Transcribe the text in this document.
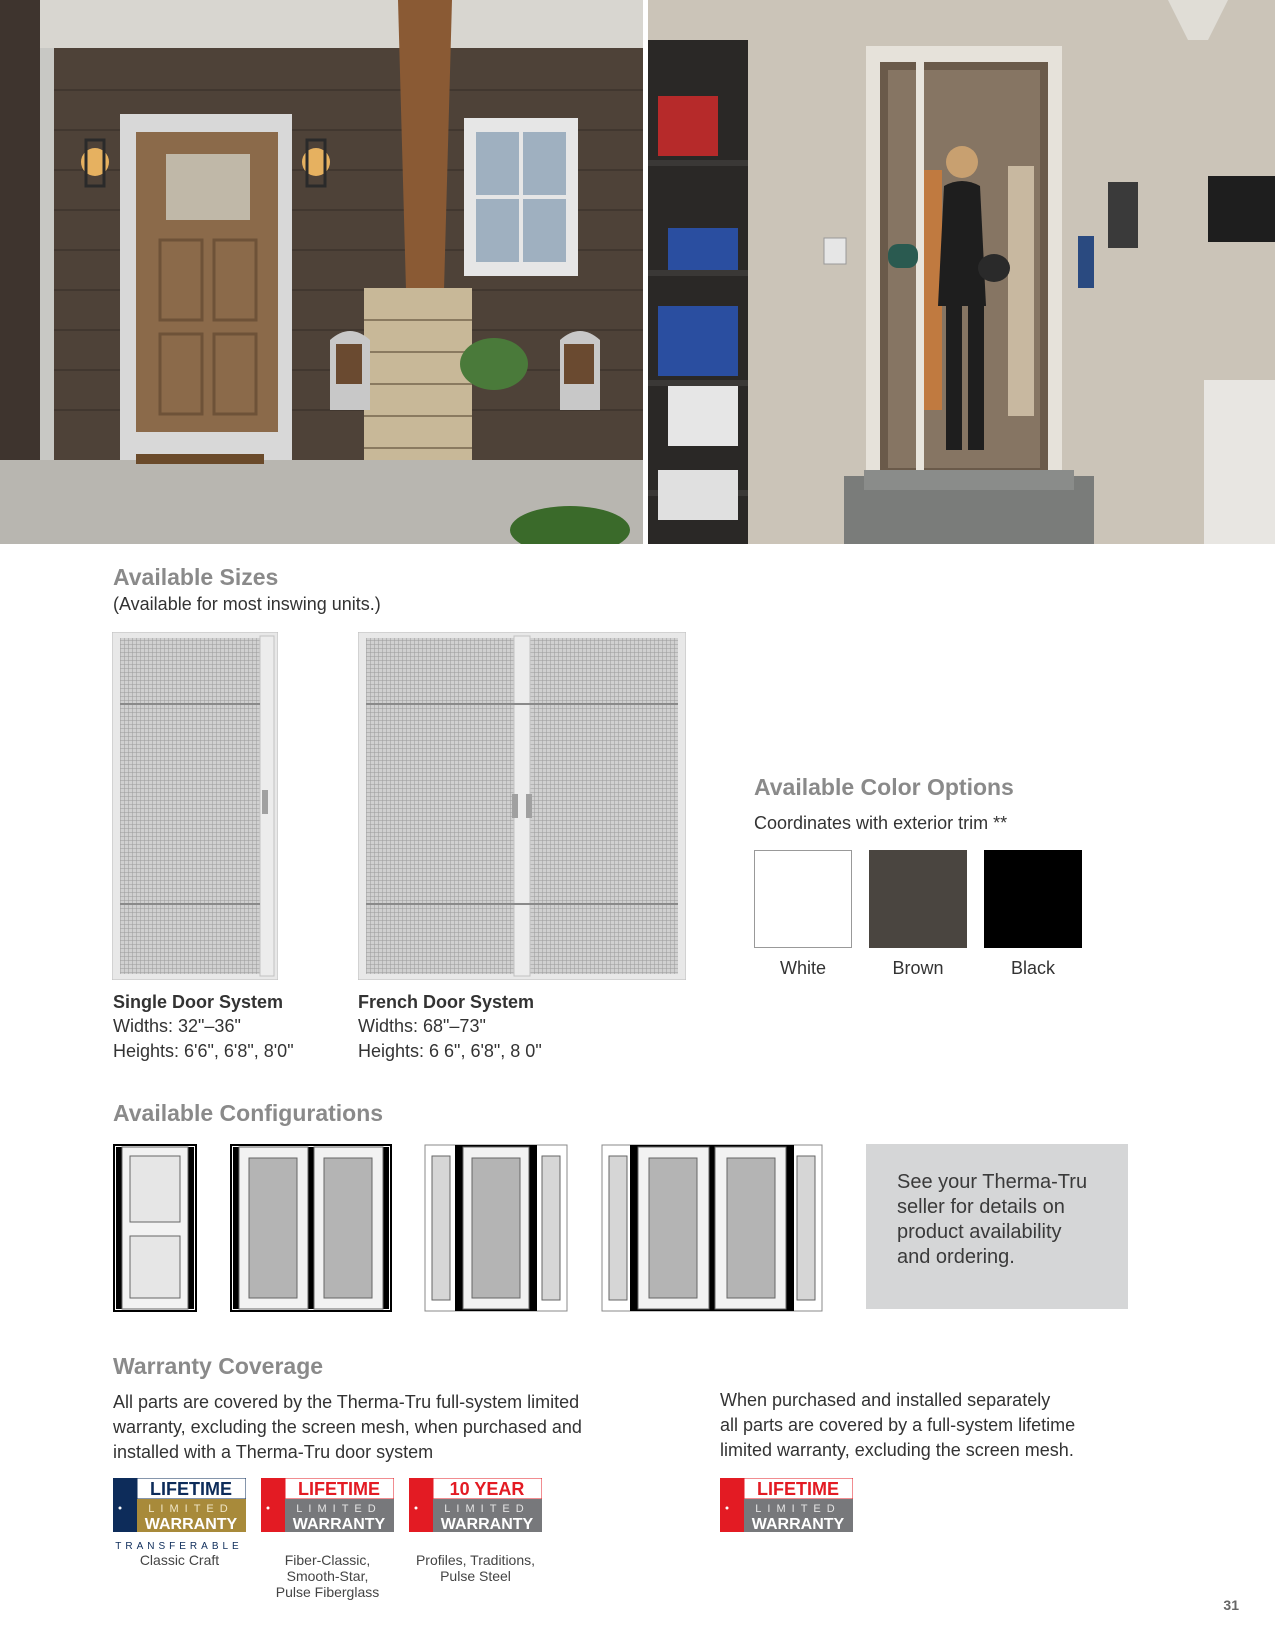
Available Sizes
(Available for most inswing units.)
Single Door System
Widths: 32"–36"
Heights: 6'6", 6'8", 8'0"
French Door System
Widths: 68"–73"
Heights: 6 6", 6'8", 8 0"
Available Color Options
Coordinates with exterior trim **
White	Brown	Black
Available Configurations
See your Therma-Tru
seller for details on
product availability
and ordering.
Warranty Coverage
All parts are covered by the Therma-Tru full-system limited
warranty, excluding the screen mesh, when purchased and
installed with a Therma-Tru door system
When purchased and installed separately
all parts are covered by a full-system lifetime
limited warranty, excluding the screen mesh.
LIFETIME
LIMITED
WARRANTY
TRANSFERABLE
LIFETIME
LIMITED
WARRANTY
10 YEAR
LIMITED
WARRANTY
LIFETIME
LIMITED
WARRANTY
Classic Craft	Fiber-Classic,
Smooth-Star,
Pulse Fiberglass
Profiles, Traditions,
Pulse Steel
31
